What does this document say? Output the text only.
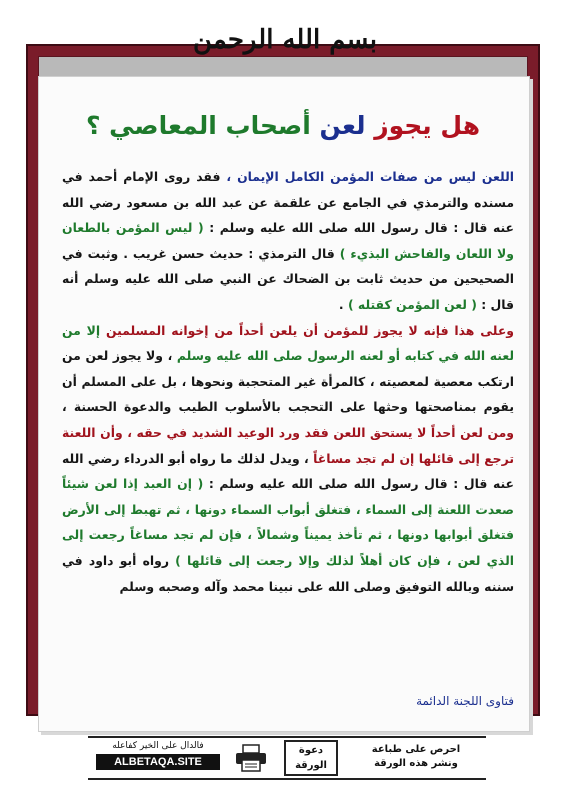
بسم الله الرحمن
هل يجوز لعن أصحاب المعاصي ؟

اللعن ليس من صفات المؤمن الكامل الإيمان ، فقد روى الإمام أحمد في مسنده والترمذي في الجامع عن علقمة عن عبد الله بن مسعود رضي الله عنه قال : قال رسول الله صلى الله عليه وسلم : ( ليس المؤمن بالطعان ولا اللعان والفاحش البذيء ) قال الترمذي : حديث حسن غريب . وثبت في الصحيحين من حديث ثابت بن الضحاك عن النبي صلى الله عليه وسلم أنه قال : ( لعن المؤمن كقتله ) .

وعلى هذا فإنه لا يجوز للمؤمن أن يلعن أحداً من إخوانه المسلمين إلا من لعنه الله في كتابه أو لعنه الرسول صلى الله عليه وسلم ، ولا يجوز لعن من ارتكب معصية لمعصيته ، كالمرأة غير المتحجبة ونحوها ، بل على المسلم أن يقوم بمناصحتها وحثها على التحجب بالأسلوب الطيب والدعوة الحسنة ، ومن لعن أحداً لا يستحق اللعن فقد ورد الوعيد الشديد في حقه ، وأن اللعنة ترجع إلى قائلها إن لم تجد مساغاً ، ويدل لذلك ما رواه أبو الدرداء رضي الله عنه قال : قال رسول الله صلى الله عليه وسلم : ( إن العبد إذا لعن شيئاً صعدت اللعنة إلى السماء ، فتغلق أبواب السماء دونها ، ثم تهبط إلى الأرض فتغلق أبوابها دونها ، ثم تأخذ يميناً وشمالاً ، فإن لم تجد مساغاً رجعت إلى الذي لعن ، فإن كان أهلاً لذلك وإلا رجعت إلى قائلها ) رواه أبو داود في سننه وبالله التوفيق وصلى الله على نبينا محمد وآله وصحبه وسلم

فتاوى اللجنة الدائمة
فالدال على الخير كفاعله
ALBETAQA.SITE
دعوة
الورقة
احرص على طباعة
ونشر هذه الورقة
